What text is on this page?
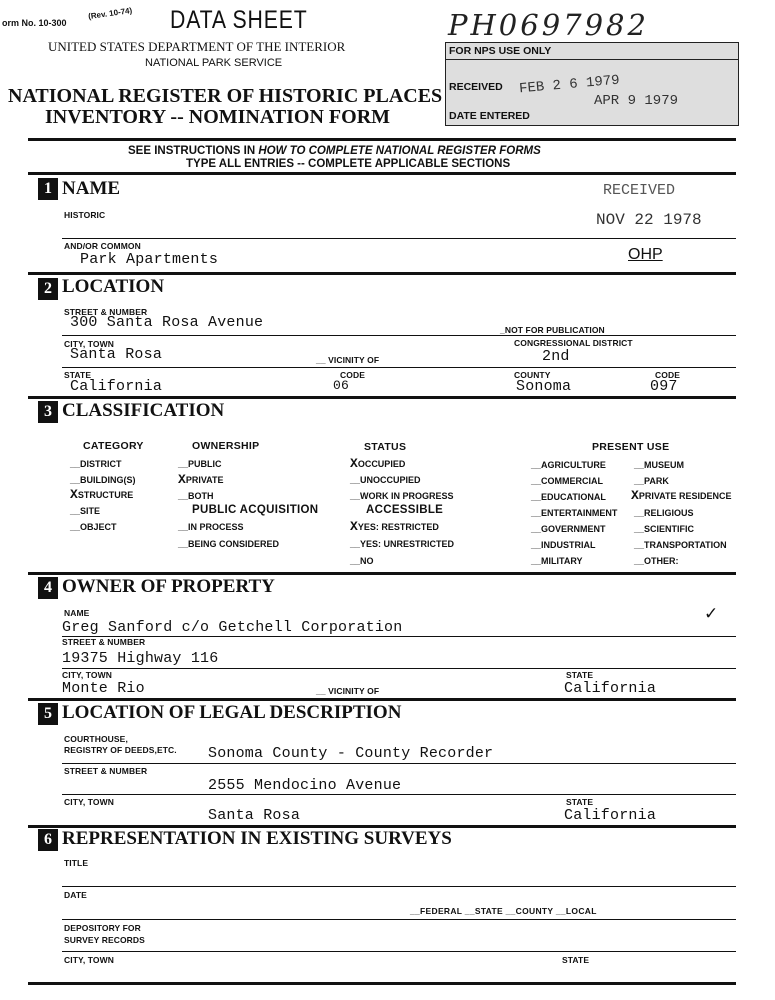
orm No. 10-300
(Rev. 10-74) DATA SHEET
UNITED STATES DEPARTMENT OF THE INTERIOR
NATIONAL PARK SERVICE
NATIONAL REGISTER OF HISTORIC PLACES
INVENTORY -- NOMINATION FORM
PH0697982
FOR NPS USE ONLY
RECEIVED FEB 2 6 1979
APR 9 1979
DATE ENTERED
SEE INSTRUCTIONS IN HOW TO COMPLETE NATIONAL REGISTER FORMS
TYPE ALL ENTRIES -- COMPLETE APPLICABLE SECTIONS
1 NAME
HISTORIC
RECEIVED
NOV 22 1978
AND/OR COMMON
Park Apartments	OHP
2 LOCATION
STREET & NUMBER
300 Santa Rosa Avenue	_NOT FOR PUBLICATION
CITY, TOWN
Santa Rosa	__ VICINITY OF
CONGRESSIONAL DISTRICT
2nd
STATE
California
CODE
06
COUNTY
Sonoma
CODE
097
3 CLASSIFICATION
CATEGORY
__DISTRICT
__BUILDING(S)
XSTRUCTURE
__SITE
__OBJECT
OWNERSHIP
__PUBLIC
XPRIVATE
__BOTH
PUBLIC ACQUISITION
__IN PROCESS
__BEING CONSIDERED
STATUS
XOCCUPIED
__UNOCCUPIED
__WORK IN PROGRESS
ACCESSIBLE
XYES: RESTRICTED
__YES: UNRESTRICTED
__NO
PRESENT USE
__AGRICULTURE
__COMMERCIAL
__EDUCATIONAL
__ENTERTAINMENT
__GOVERNMENT
__INDUSTRIAL
__MILITARY
__MUSEUM
__PARK
XPRIVATE RESIDENCE
__RELIGIOUS
__SCIENTIFIC
__TRANSPORTATION
__OTHER:
4 OWNER OF PROPERTY
NAME
Greg Sanford c/o Getchell Corporation
✓
STREET & NUMBER
19375 Highway 116
CITY, TOWN
Monte Rio	__ VICINITY OF
STATE
California
5 LOCATION OF LEGAL DESCRIPTION
COURTHOUSE,
REGISTRY OF DEEDS,ETC. Sonoma County - County Recorder
STREET & NUMBER
2555 Mendocino Avenue
CITY, TOWN
Santa Rosa
STATE
California
6 REPRESENTATION IN EXISTING SURVEYS
TITLE
DATE
__FEDERAL __STATE __COUNTY __LOCAL
DEPOSITORY FOR
SURVEY RECORDS
CITY, TOWN	STATE
